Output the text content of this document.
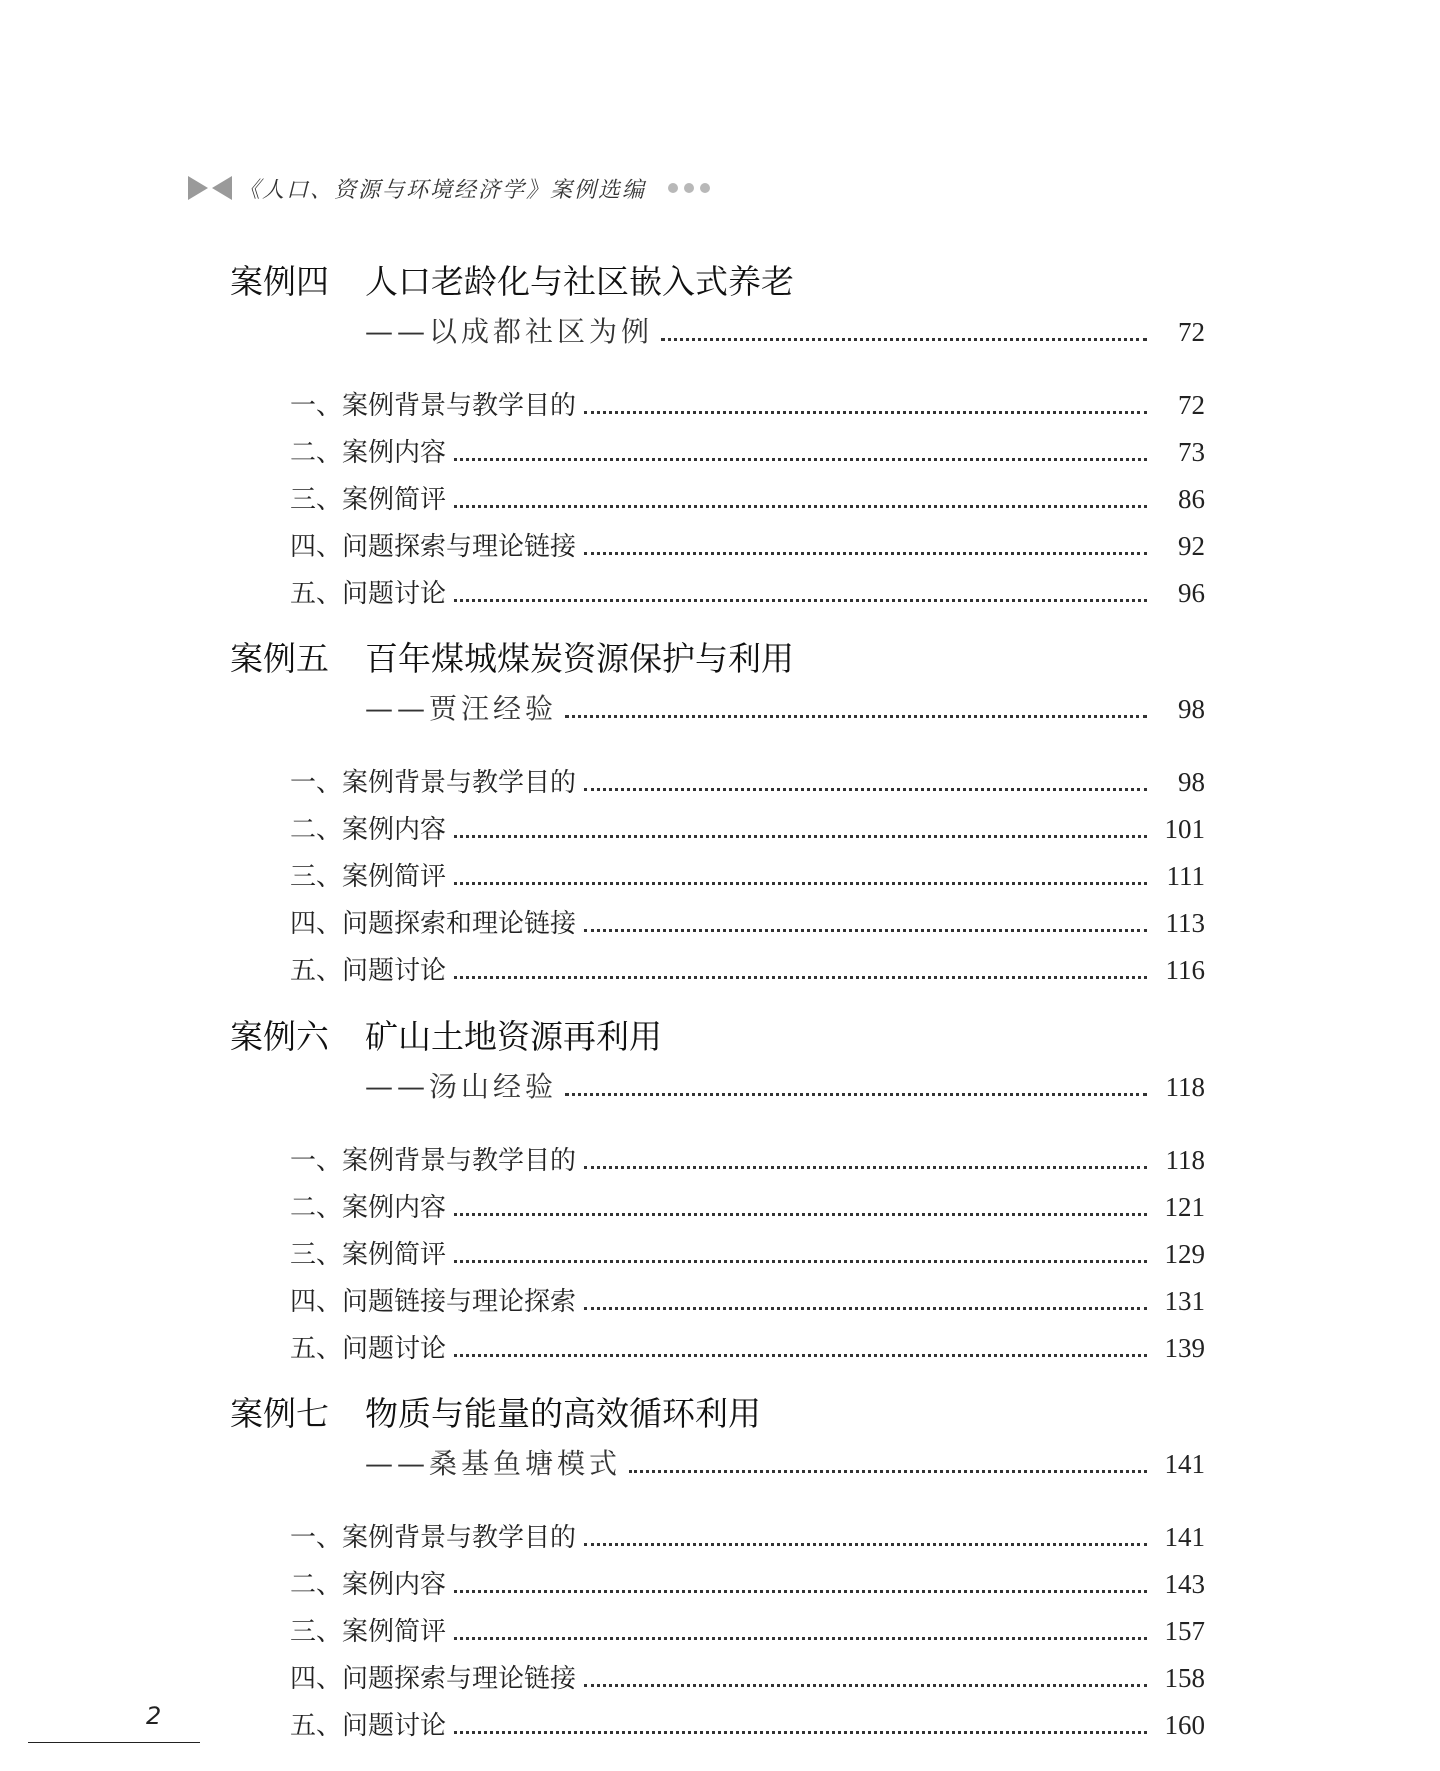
《人口、资源与环境经济学》案例选编
案例四	人口老龄化与社区嵌入式养老
——以成都社区为例	72
一、案例背景与教学目的	72
二、案例内容	73
三、案例简评	86
四、问题探索与理论链接	92
五、问题讨论	96
案例五	百年煤城煤炭资源保护与利用
——贾汪经验	98
一、案例背景与教学目的	98
二、案例内容	101
三、案例简评	111
四、问题探索和理论链接	113
五、问题讨论	116
案例六	矿山土地资源再利用
——汤山经验	118
一、案例背景与教学目的	118
二、案例内容	121
三、案例简评	129
四、问题链接与理论探索	131
五、问题讨论	139
案例七	物质与能量的高效循环利用
——桑基鱼塘模式	141
一、案例背景与教学目的	141
二、案例内容	143
三、案例简评	157
四、问题探索与理论链接	158
五、问题讨论	160
2
